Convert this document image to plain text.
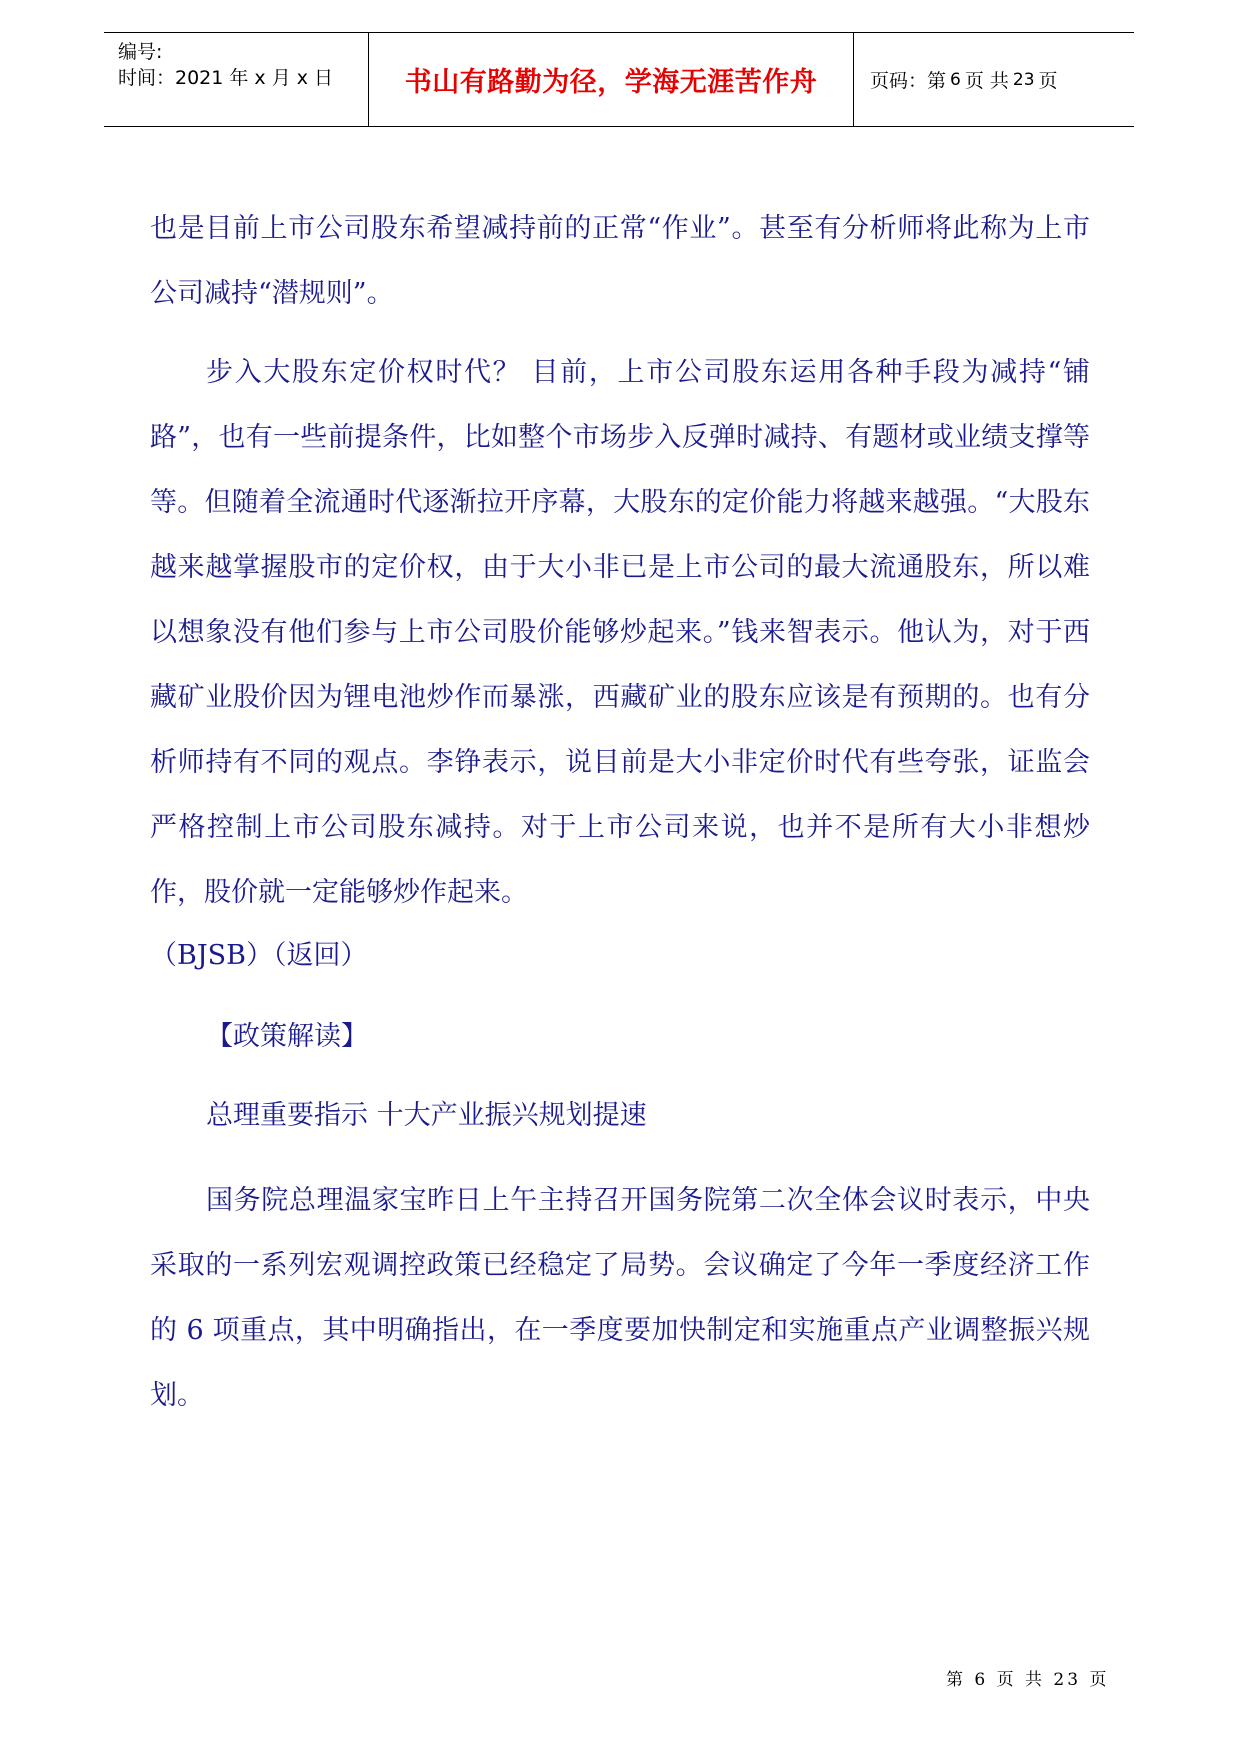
编号:
时间：2021 年 x 月 x 日	书山有路勤为径，学海无涯苦作舟	页码：第 6 页 共 23 页

也是目前上市公司股东希望减持前的正常“作业”。甚至有分析师将此称为上市公司减持“潜规则”。

步入大股东定价权时代？ 目前，上市公司股东运用各种手段为减持“铺路”，也有一些前提条件，比如整个市场步入反弹时减持、有题材或业绩支撑等等。但随着全流通时代逐渐拉开序幕，大股东的定价能力将越来越强。“大股东越来越掌握股市的定价权，由于大小非已是上市公司的最大流通股东，所以难以想象没有他们参与上市公司股价能够炒起来。”钱来智表示。他认为，对于西藏矿业股价因为锂电池炒作而暴涨，西藏矿业的股东应该是有预期的。也有分析师持有不同的观点。李铮表示，说目前是大小非定价时代有些夸张，证监会严格控制上市公司股东减持。对于上市公司来说，也并不是所有大小非想炒作，股价就一定能够炒作起来。

（BJSB）（返回）
【政策解读】
总理重要指示 十大产业振兴规划提速

国务院总理温家宝昨日上午主持召开国务院第二次全体会议时表示，中央采取的一系列宏观调控政策已经稳定了局势。会议确定了今年一季度经济工作的 6 项重点，其中明确指出，在一季度要加快制定和实施重点产业调整振兴规划。

第 6 页 共 23 页
